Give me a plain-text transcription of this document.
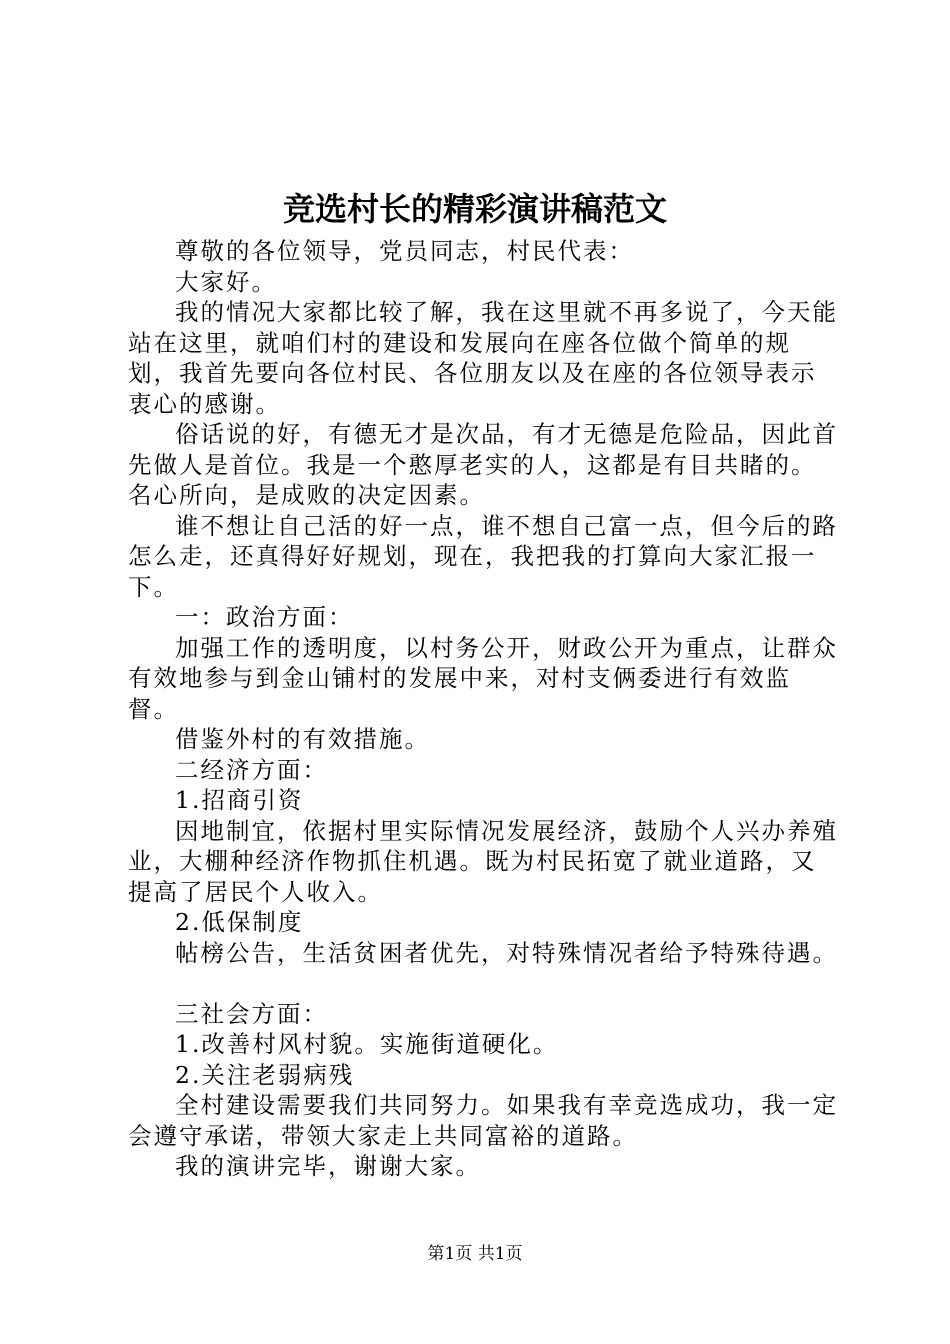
竞选村长的精彩演讲稿范文

尊敬的各位领导，党员同志，村民代表：

大家好。

我的情况大家都比较了解，我在这里就不再多说了，今天能站在这里，就咱们村的建设和发展向在座各位做个简单的规划，我首先要向各位村民、各位朋友以及在座的各位领导表示衷心的感谢。

俗话说的好，有德无才是次品，有才无德是危险品，因此首先做人是首位。我是一个憨厚老实的人，这都是有目共睹的。名心所向，是成败的决定因素。

谁不想让自己活的好一点，谁不想自己富一点，但今后的路怎么走，还真得好好规划，现在，我把我的打算向大家汇报一下。

一：政治方面：

加强工作的透明度，以村务公开，财政公开为重点，让群众有效地参与到金山铺村的发展中来，对村支俩委进行有效监督。

借鉴外村的有效措施。

二经济方面：

1.招商引资

因地制宜，依据村里实际情况发展经济，鼓励个人兴办养殖业，大棚种经济作物抓住机遇。既为村民拓宽了就业道路，又提高了居民个人收入。

2.低保制度

帖榜公告，生活贫困者优先，对特殊情况者给予特殊待遇。

三社会方面：

1.改善村风村貌。实施街道硬化。

2.关注老弱病残

全村建设需要我们共同努力。如果我有幸竞选成功，我一定会遵守承诺，带领大家走上共同富裕的道路。

我的演讲完毕，谢谢大家。

第1页 共1页
